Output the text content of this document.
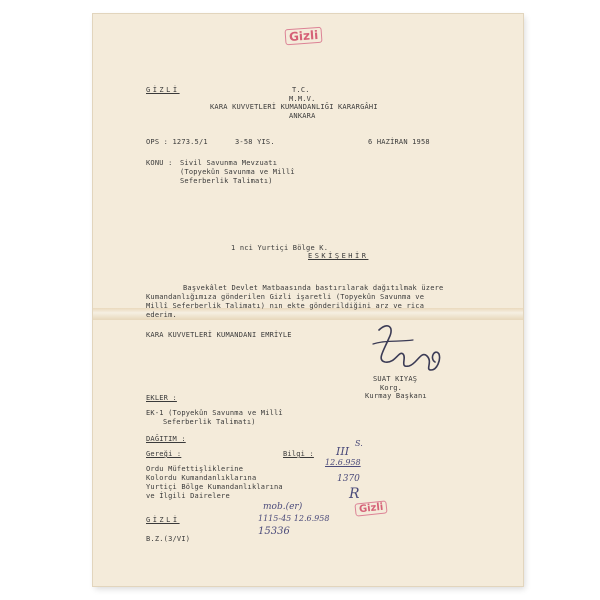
Gizli
GİZLİ	T.C.
M.M.V.
KARA KUVVETLERİ KUMANDANLIĞI KARARGÂHI
ANKARA
OPS : 1273.5/1	3-58 YIS.	6 HAZİRAN 1958
KONU : Sivil Savunma Mevzuatı
(Topyekûn Savunma ve Millî
Seferberlik Talimatı)
1 nci Yurtiçi Bölge K.
ESKİŞEHİR
Başvekâlet Devlet Matbaasında bastırılarak dağıtılmak üzere
Kumandanlığımıza gönderilen Gizli işaretli (Topyekûn Savunma ve
Millî Seferberlik Talimatı) nın ekte gönderildiğini arz ve rica
ederim.
KARA KUVVETLERİ KUMANDANI EMRİYLE
SUAT KIYAŞ
Korg.
Kurmay Başkanı
EKLER :
EK-1 (Topyekûn Savunma ve Millî
Seferberlik Talimatı)
DAĞITIM :
Gereği :	Bilgi :
Ordu Müfettişliklerine
Kolordu Kumandanlıklarına
Yurtiçi Bölge Kumandanlıklarına
ve İlgili Dairelere
III
S.
12.6.958
1370
R
Gizli
mob.(er)
1115-45 12.6.958
15336
GİZLİ
B.Z.(3/VI)
